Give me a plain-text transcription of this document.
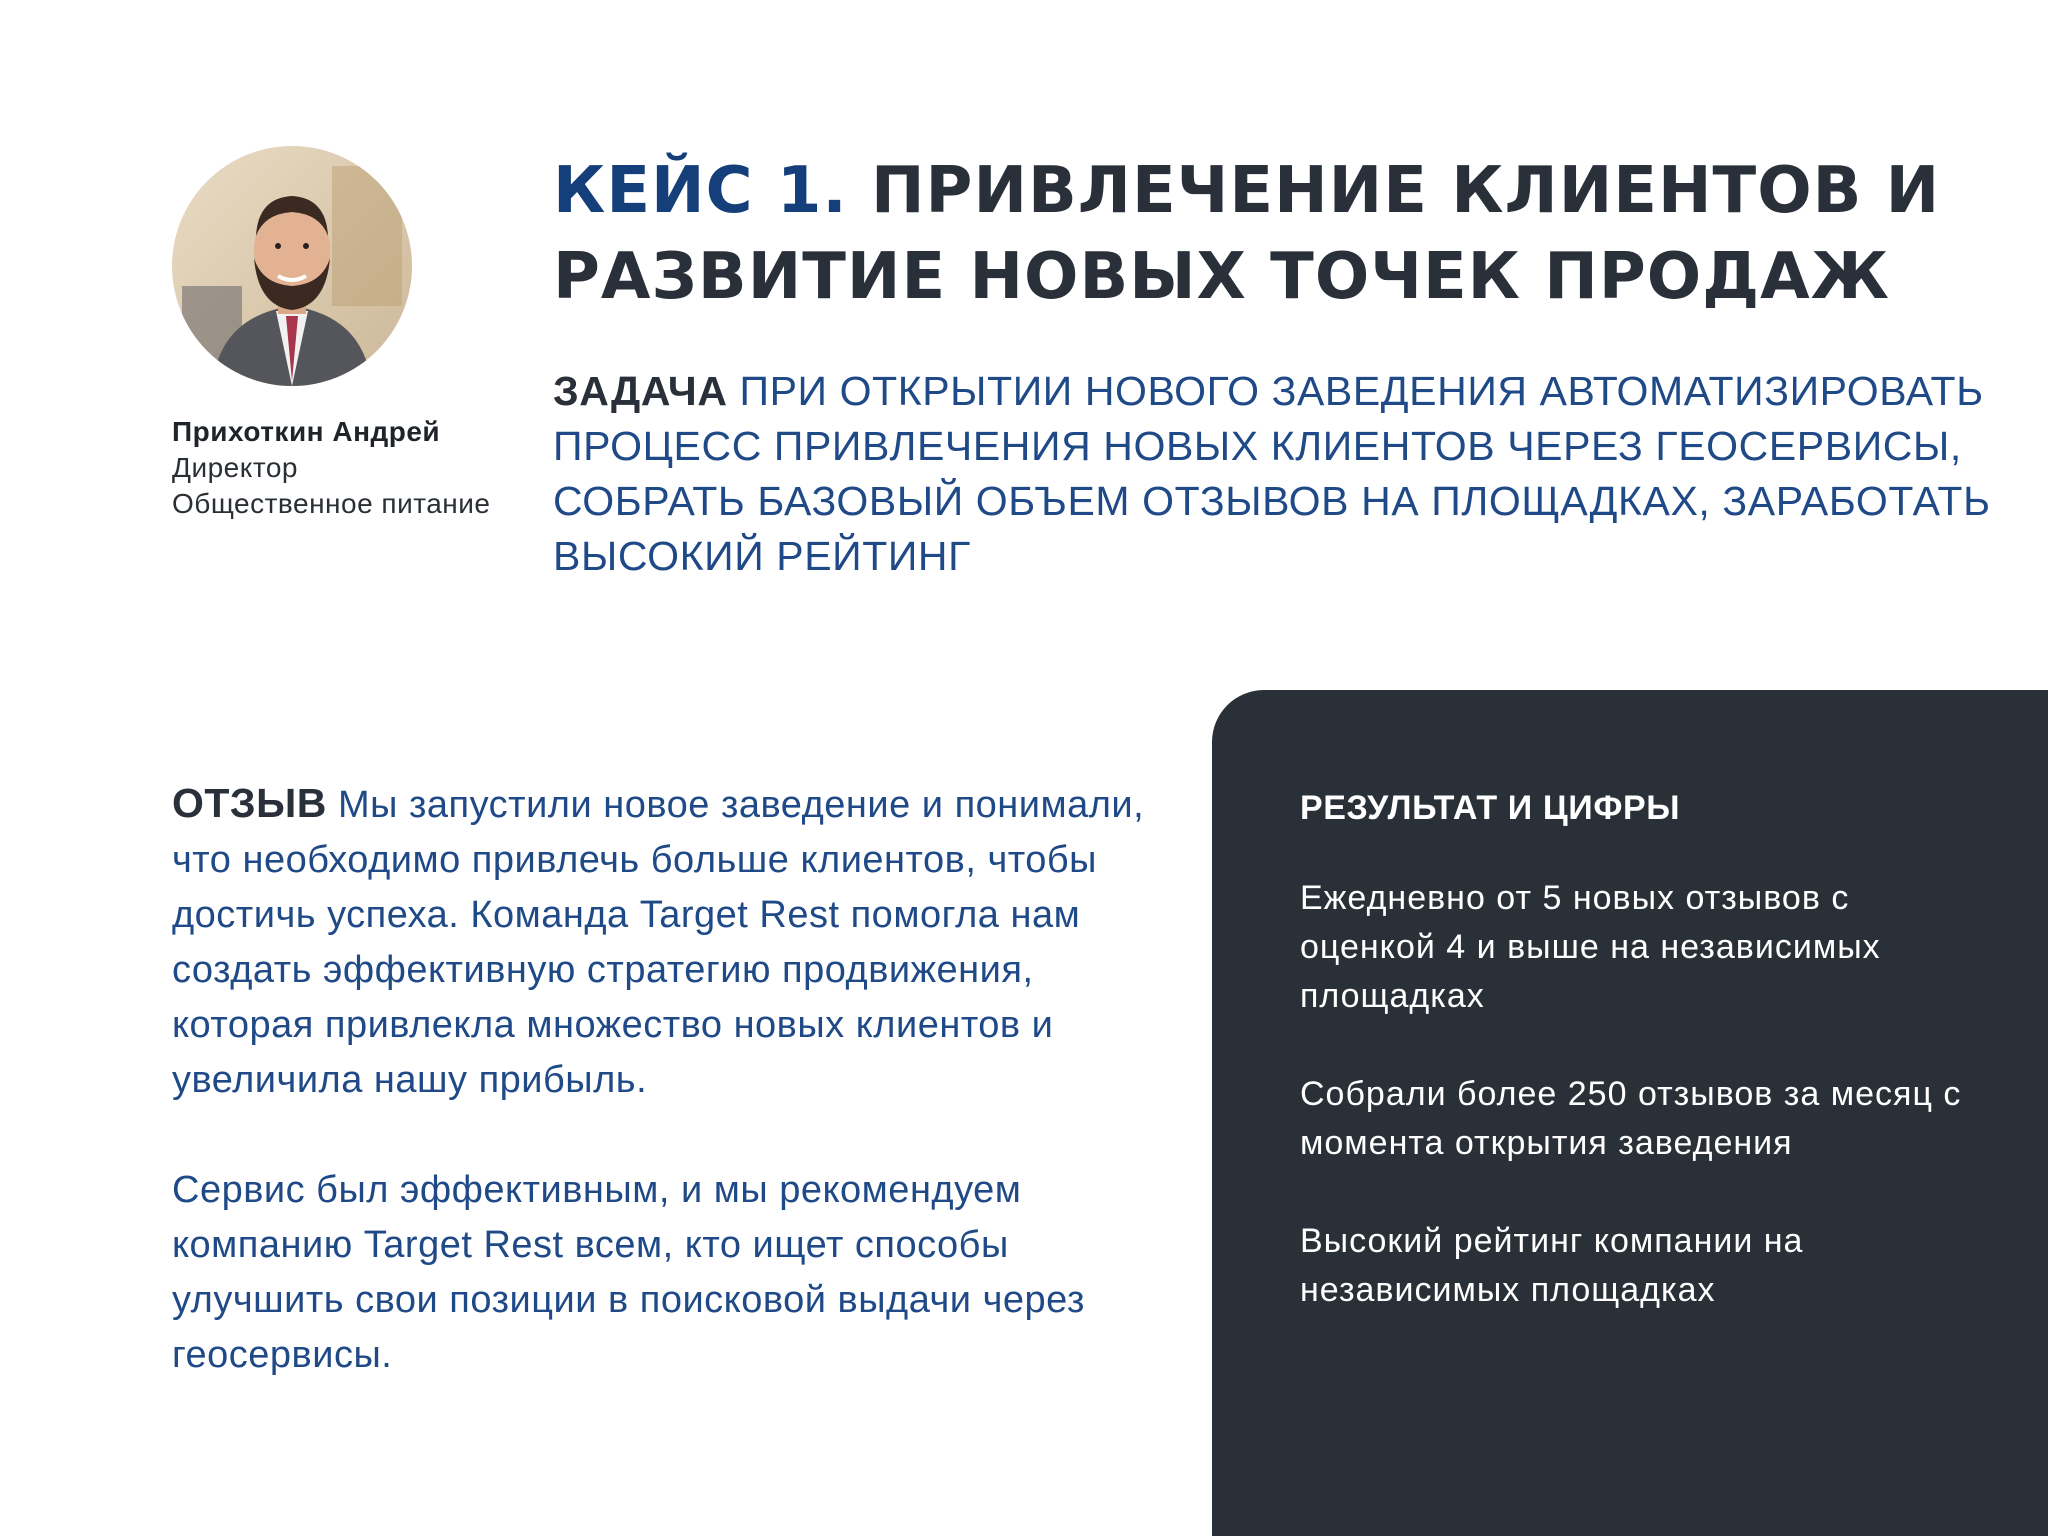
Прихоткин Андрей
Директор
Общественное питание
КЕЙС 1. ПРИВЛЕЧЕНИЕ КЛИЕНТОВ И РАЗВИТИЕ НОВЫХ ТОЧЕК ПРОДАЖ
ЗАДАЧА ПРИ ОТКРЫТИИ НОВОГО ЗАВЕДЕНИЯ АВТОМАТИЗИРОВАТЬ ПРОЦЕСС ПРИВЛЕЧЕНИЯ НОВЫХ КЛИЕНТОВ ЧЕРЕЗ ГЕОСЕРВИСЫ, СОБРАТЬ БАЗОВЫЙ ОБЪЕМ ОТЗЫВОВ НА ПЛОЩАДКАХ, ЗАРАБОТАТЬ ВЫСОКИЙ РЕЙТИНГ

ОТЗЫВ Мы запустили новое заведение и понимали, что необходимо привлечь больше клиентов, чтобы достичь успеха. Команда Target Rest помогла нам создать эффективную стратегию продвижения, которая привлекла множество новых клиентов и увеличила нашу прибыль.

Сервис был эффективным, и мы рекомендуем компанию Target Rest всем, кто ищет способы улучшить свои позиции в поисковой выдачи через геосервисы.

РЕЗУЛЬТАТ И ЦИФРЫ
Ежедневно от 5 новых отзывов с оценкой 4 и выше на независимых площадках
Собрали более 250 отзывов за месяц с момента открытия заведения
Высокий рейтинг компании на независимых площадках
